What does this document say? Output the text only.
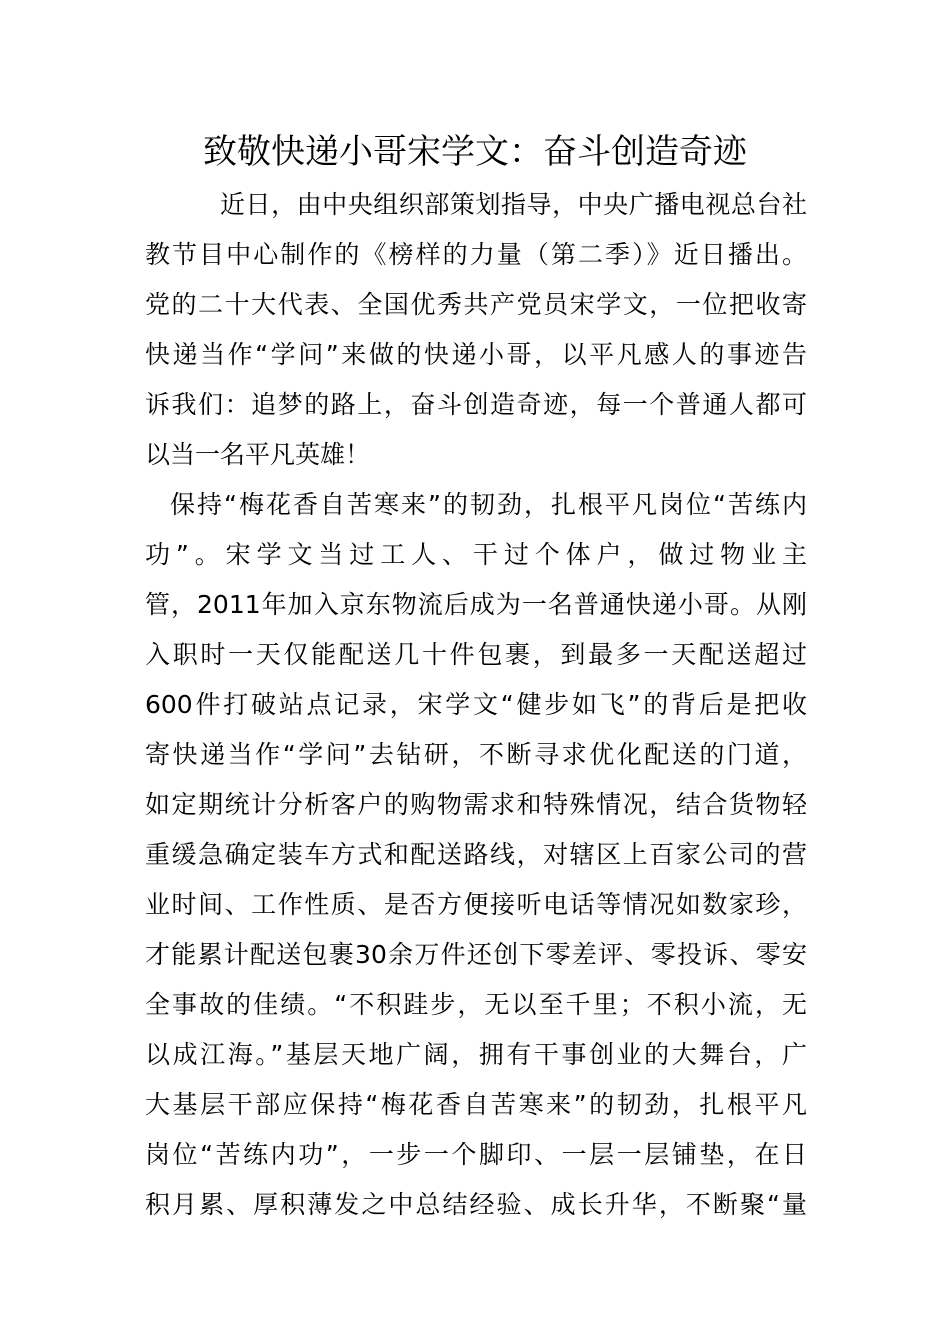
致敬快递小哥宋学文：奋斗创造奇迹
近日，由中央组织部策划指导，中央广播电视总台社
教节目中心制作的《榜样的力量（第二季）》近日播出。
党的二十大代表、全国优秀共产党员宋学文，一位把收寄
快递当作“学问”来做的快递小哥，以平凡感人的事迹告
诉我们：追梦的路上，奋斗创造奇迹，每一个普通人都可
以当一名平凡英雄！
保持“梅花香自苦寒来”的韧劲，扎根平凡岗位“苦练内
功”。宋学文当过工人、干过个体户，做过物业主
管，2011年加入京东物流后成为一名普通快递小哥。从刚
入职时一天仅能配送几十件包裹，到最多一天配送超过
600件打破站点记录，宋学文“健步如飞”的背后是把收
寄快递当作“学问”去钻研，不断寻求优化配送的门道，
如定期统计分析客户的购物需求和特殊情况，结合货物轻
重缓急确定装车方式和配送路线，对辖区上百家公司的营
业时间、工作性质、是否方便接听电话等情况如数家珍，
才能累计配送包裹30余万件还创下零差评、零投诉、零安
全事故的佳绩。“不积跬步，无以至千里；不积小流，无
以成江海。”基层天地广阔，拥有干事创业的大舞台，广
大基层干部应保持“梅花香自苦寒来”的韧劲，扎根平凡
岗位“苦练内功”，一步一个脚印、一层一层铺垫，在日
积月累、厚积薄发之中总结经验、成长升华，不断聚“量
